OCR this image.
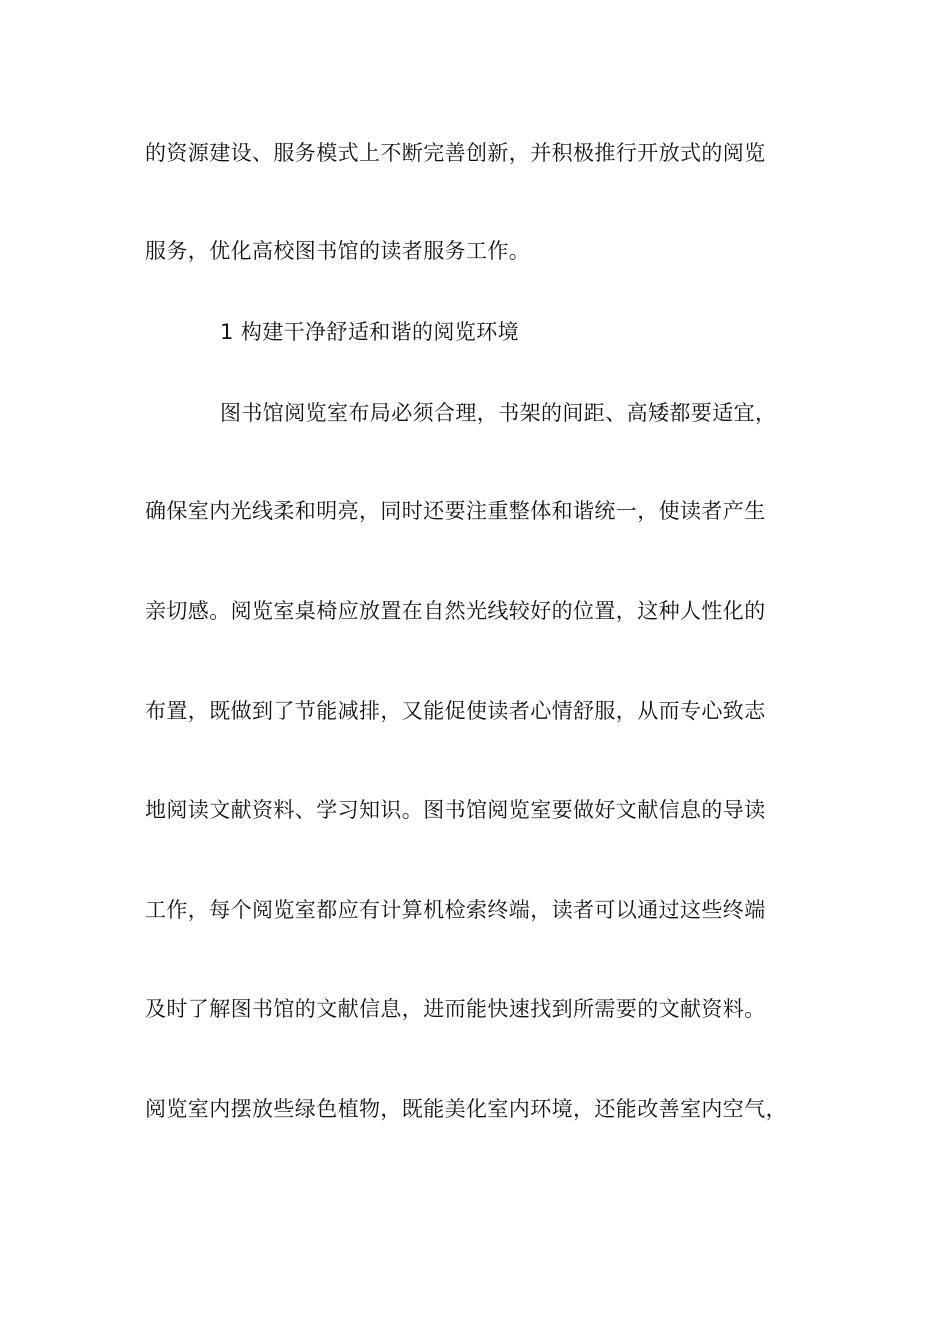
的资源建设、服务模式上不断完善创新，并积极推行开放式的阅览
服务，优化高校图书馆的读者服务工作。
1 构建干净舒适和谐的阅览环境
图书馆阅览室布局必须合理，书架的间距、高矮都要适宜，
确保室内光线柔和明亮，同时还要注重整体和谐统一，使读者产生
亲切感。阅览室桌椅应放置在自然光线较好的位置，这种人性化的
布置，既做到了节能减排，又能促使读者心情舒服，从而专心致志
地阅读文献资料、学习知识。图书馆阅览室要做好文献信息的导读
工作，每个阅览室都应有计算机检索终端，读者可以通过这些终端
及时了解图书馆的文献信息，进而能快速找到所需要的文献资料。
阅览室内摆放些绿色植物，既能美化室内环境，还能改善室内空气，
